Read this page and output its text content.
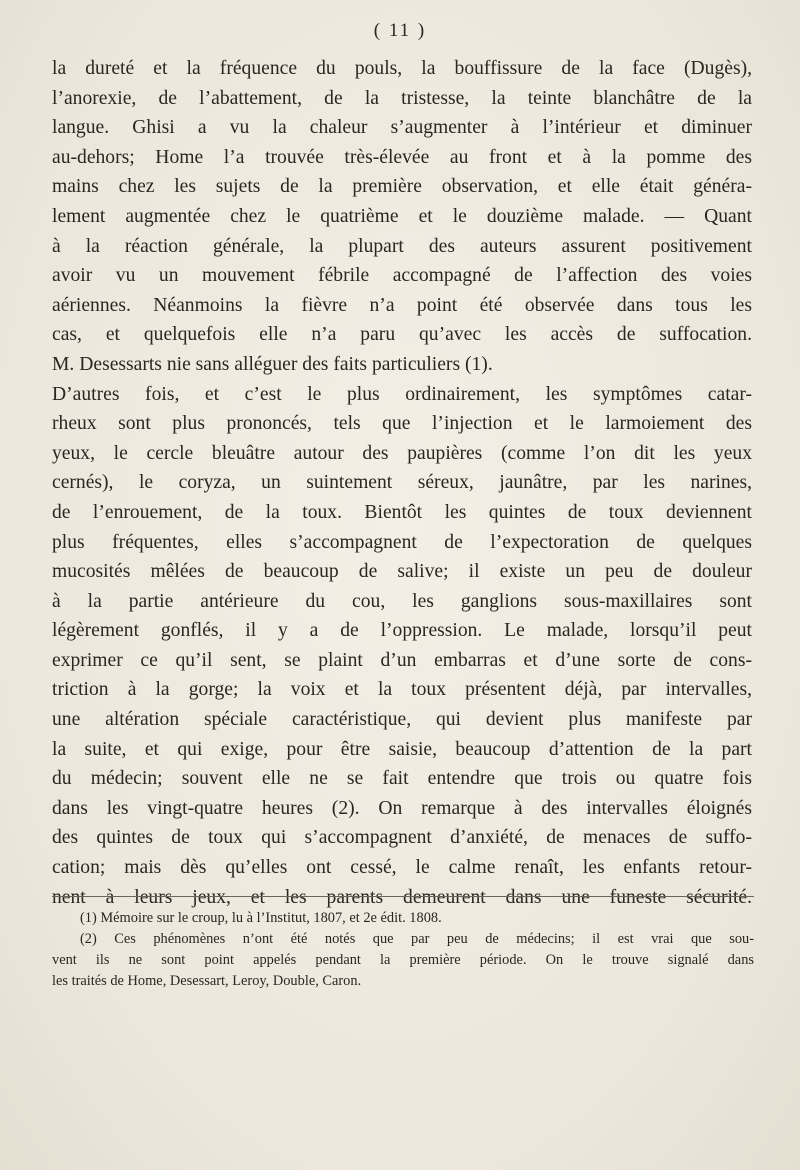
( 11 )
la dureté et la fréquence du pouls, la bouffissure de la face (Dugès),
l’anorexie, de l’abattement, de la tristesse, la teinte blanchâtre de la
langue. Ghisi a vu la chaleur s’augmenter à l’intérieur et diminuer
au-dehors; Home l’a trouvée très-élevée au front et à la pomme des
mains chez les sujets de la première observation, et elle était généra-
lement augmentée chez le quatrième et le douzième malade. — Quant
à la réaction générale, la plupart des auteurs assurent positivement
avoir vu un mouvement fébrile accompagné de l’affection des voies
aériennes. Néanmoins la fièvre n’a point été observée dans tous les
cas, et quelquefois elle n’a paru qu’avec les accès de suffocation.
M. Desessarts nie sans alléguer des faits particuliers (1).
D’autres fois, et c’est le plus ordinairement, les symptômes catar-
rheux sont plus prononcés, tels que l’injection et le larmoiement des
yeux, le cercle bleuâtre autour des paupières (comme l’on dit les yeux
cernés), le coryza, un suintement séreux, jaunâtre, par les narines,
de l’enrouement, de la toux. Bientôt les quintes de toux deviennent
plus fréquentes, elles s’accompagnent de l’expectoration de quelques
mucosités mêlées de beaucoup de salive; il existe un peu de douleur
à la partie antérieure du cou, les ganglions sous-maxillaires sont
légèrement gonflés, il y a de l’oppression. Le malade, lorsqu’il peut
exprimer ce qu’il sent, se plaint d’un embarras et d’une sorte de cons-
triction à la gorge; la voix et la toux présentent déjà, par intervalles,
une altération spéciale caractéristique, qui devient plus manifeste par
la suite, et qui exige, pour être saisie, beaucoup d’attention de la part
du médecin; souvent elle ne se fait entendre que trois ou quatre fois
dans les vingt-quatre heures (2). On remarque à des intervalles éloignés
des quintes de toux qui s’accompagnent d’anxiété, de menaces de suffo-
cation; mais dès qu’elles ont cessé, le calme renaît, les enfants retour-
nent à leurs jeux, et les parents demeurent dans une funeste sécurité.
(1) Mémoire sur le croup, lu à l’Institut, 1807, et 2e édit. 1808.
(2) Ces phénomènes n’ont été notés que par peu de médecins; il est vrai que sou-
vent ils ne sont point appelés pendant la première période. On le trouve signalé dans
les traités de Home, Desessart, Leroy, Double, Caron.
